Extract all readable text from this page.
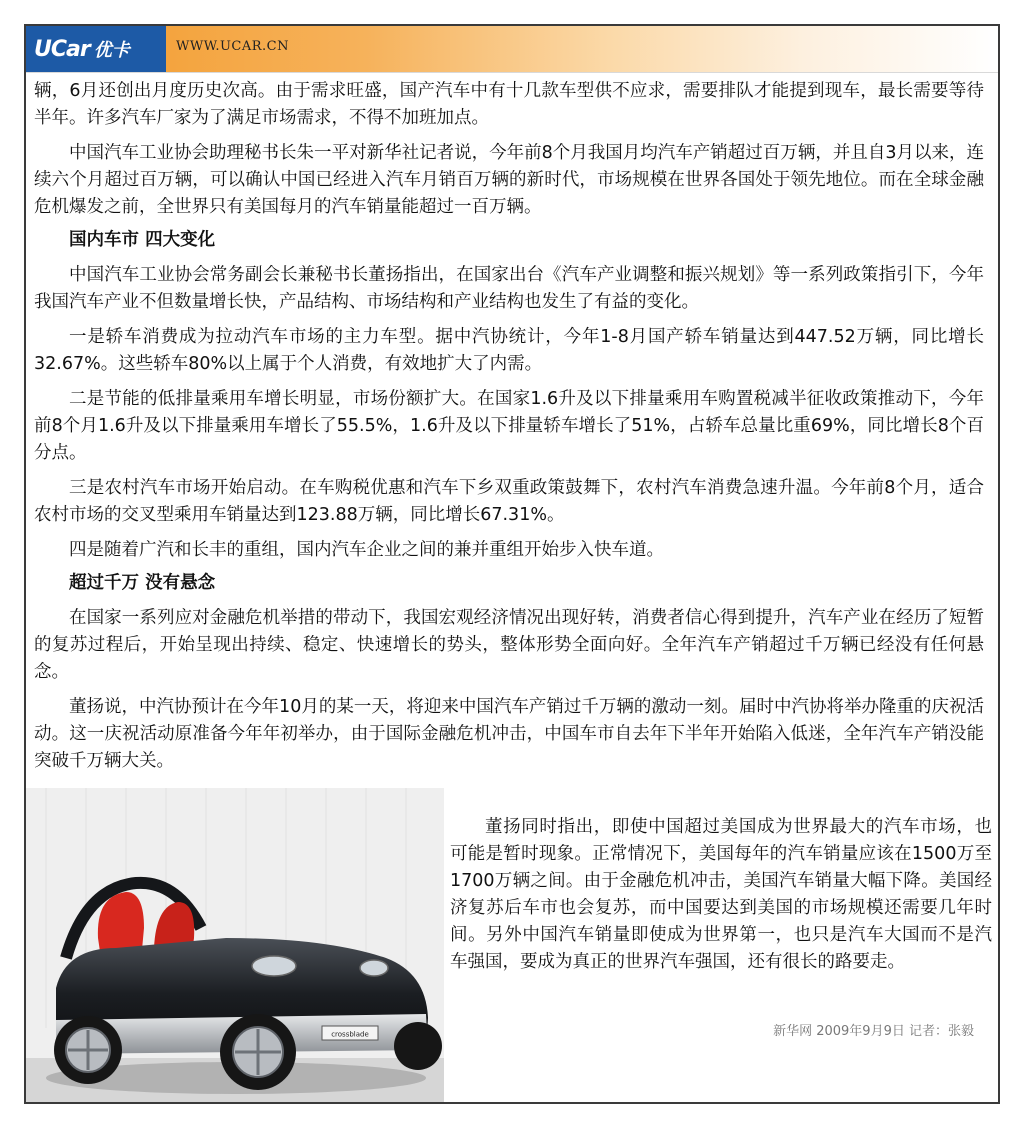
UCar 优卡	WWW.UCAR.CN

辆，6月还创出月度历史次高。由于需求旺盛，国产汽车中有十几款车型供不应求，需要排队才能提到现车，最长需要等待半年。许多汽车厂家为了满足市场需求，不得不加班加点。

中国汽车工业协会助理秘书长朱一平对新华社记者说，今年前8个月我国月均汽车产销超过百万辆，并且自3月以来，连续六个月超过百万辆，可以确认中国已经进入汽车月销百万辆的新时代，市场规模在世界各国处于领先地位。而在全球金融危机爆发之前，全世界只有美国每月的汽车销量能超过一百万辆。

国内车市 四大变化

中国汽车工业协会常务副会长兼秘书长董扬指出，在国家出台《汽车产业调整和振兴规划》等一系列政策指引下，今年我国汽车产业不但数量增长快，产品结构、市场结构和产业结构也发生了有益的变化。

一是轿车消费成为拉动汽车市场的主力车型。据中汽协统计，今年1-8月国产轿车销量达到447.52万辆，同比增长32.67%。这些轿车80%以上属于个人消费，有效地扩大了内需。

二是节能的低排量乘用车增长明显，市场份额扩大。在国家1.6升及以下排量乘用车购置税减半征收政策推动下，今年前8个月1.6升及以下排量乘用车增长了55.5%，1.6升及以下排量轿车增长了51%，占轿车总量比重69%，同比增长8个百分点。

三是农村汽车市场开始启动。在车购税优惠和汽车下乡双重政策鼓舞下，农村汽车消费急速升温。今年前8个月，适合农村市场的交叉型乘用车销量达到123.88万辆，同比增长67.31%。

四是随着广汽和长丰的重组，国内汽车企业之间的兼并重组开始步入快车道。

超过千万 没有悬念

在国家一系列应对金融危机举措的带动下，我国宏观经济情况出现好转，消费者信心得到提升，汽车产业在经历了短暂的复苏过程后，开始呈现出持续、稳定、快速增长的势头，整体形势全面向好。全年汽车产销超过千万辆已经没有任何悬念。

董扬说，中汽协预计在今年10月的某一天，将迎来中国汽车产销过千万辆的激动一刻。届时中汽协将举办隆重的庆祝活动。这一庆祝活动原准备今年年初举办，由于国际金融危机冲击，中国车市自去年下半年开始陷入低迷，全年汽车产销没能突破千万辆大关。

crossblade

董扬同时指出，即使中国超过美国成为世界最大的汽车市场，也可能是暂时现象。正常情况下，美国每年的汽车销量应该在1500万至1700万辆之间。由于金融危机冲击，美国汽车销量大幅下降。美国经济复苏后车市也会复苏，而中国要达到美国的市场规模还需要几年时间。另外中国汽车销量即使成为世界第一，也只是汽车大国而不是汽车强国，要成为真正的世界汽车强国，还有很长的路要走。

新华网 2009年9月9日 记者：张毅
